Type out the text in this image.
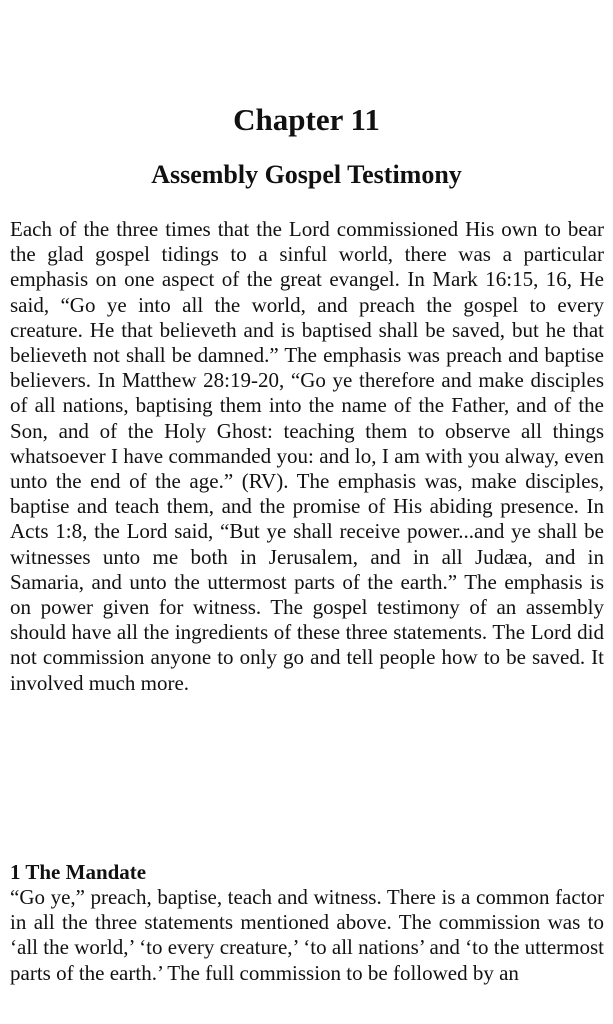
Chapter 11
Assembly Gospel Testimony

Each of the three times that the Lord commissioned His own to bear the glad gospel tidings to a sinful world, there was a particular emphasis on one aspect of the great evangel. In Mark 16:15, 16, He said, “Go ye into all the world, and preach the gospel to every creature. He that believeth and is baptised shall be saved, but he that believeth not shall be damned.” The emphasis was preach and baptise believers. In Matthew 28:19-20, “Go ye therefore and make disciples of all nations, baptising them into the name of the Father, and of the Son, and of the Holy Ghost: teaching them to observe all things whatsoever I have commanded you: and lo, I am with you alway, even unto the end of the age.” (RV). The emphasis was, make disciples, baptise and teach them, and the promise of His abiding presence. In Acts 1:8, the Lord said, “But ye shall receive power...and ye shall be witnesses unto me both in Jerusalem, and in all Judæa, and in Samaria, and unto the uttermost parts of the earth.” The emphasis is on power given for witness. The gospel testimony of an assembly should have all the ingredients of these three statements. The Lord did not commission anyone to only go and tell people how to be saved. It involved much more.

1 The Mandate

“Go ye,” preach, baptise, teach and witness. There is a common factor in all the three statements mentioned above. The commission was to ‘all the world,’ ‘to every creature,’ ‘to all nations’ and ‘to the uttermost parts of the earth.’ The full commission to be followed by an
